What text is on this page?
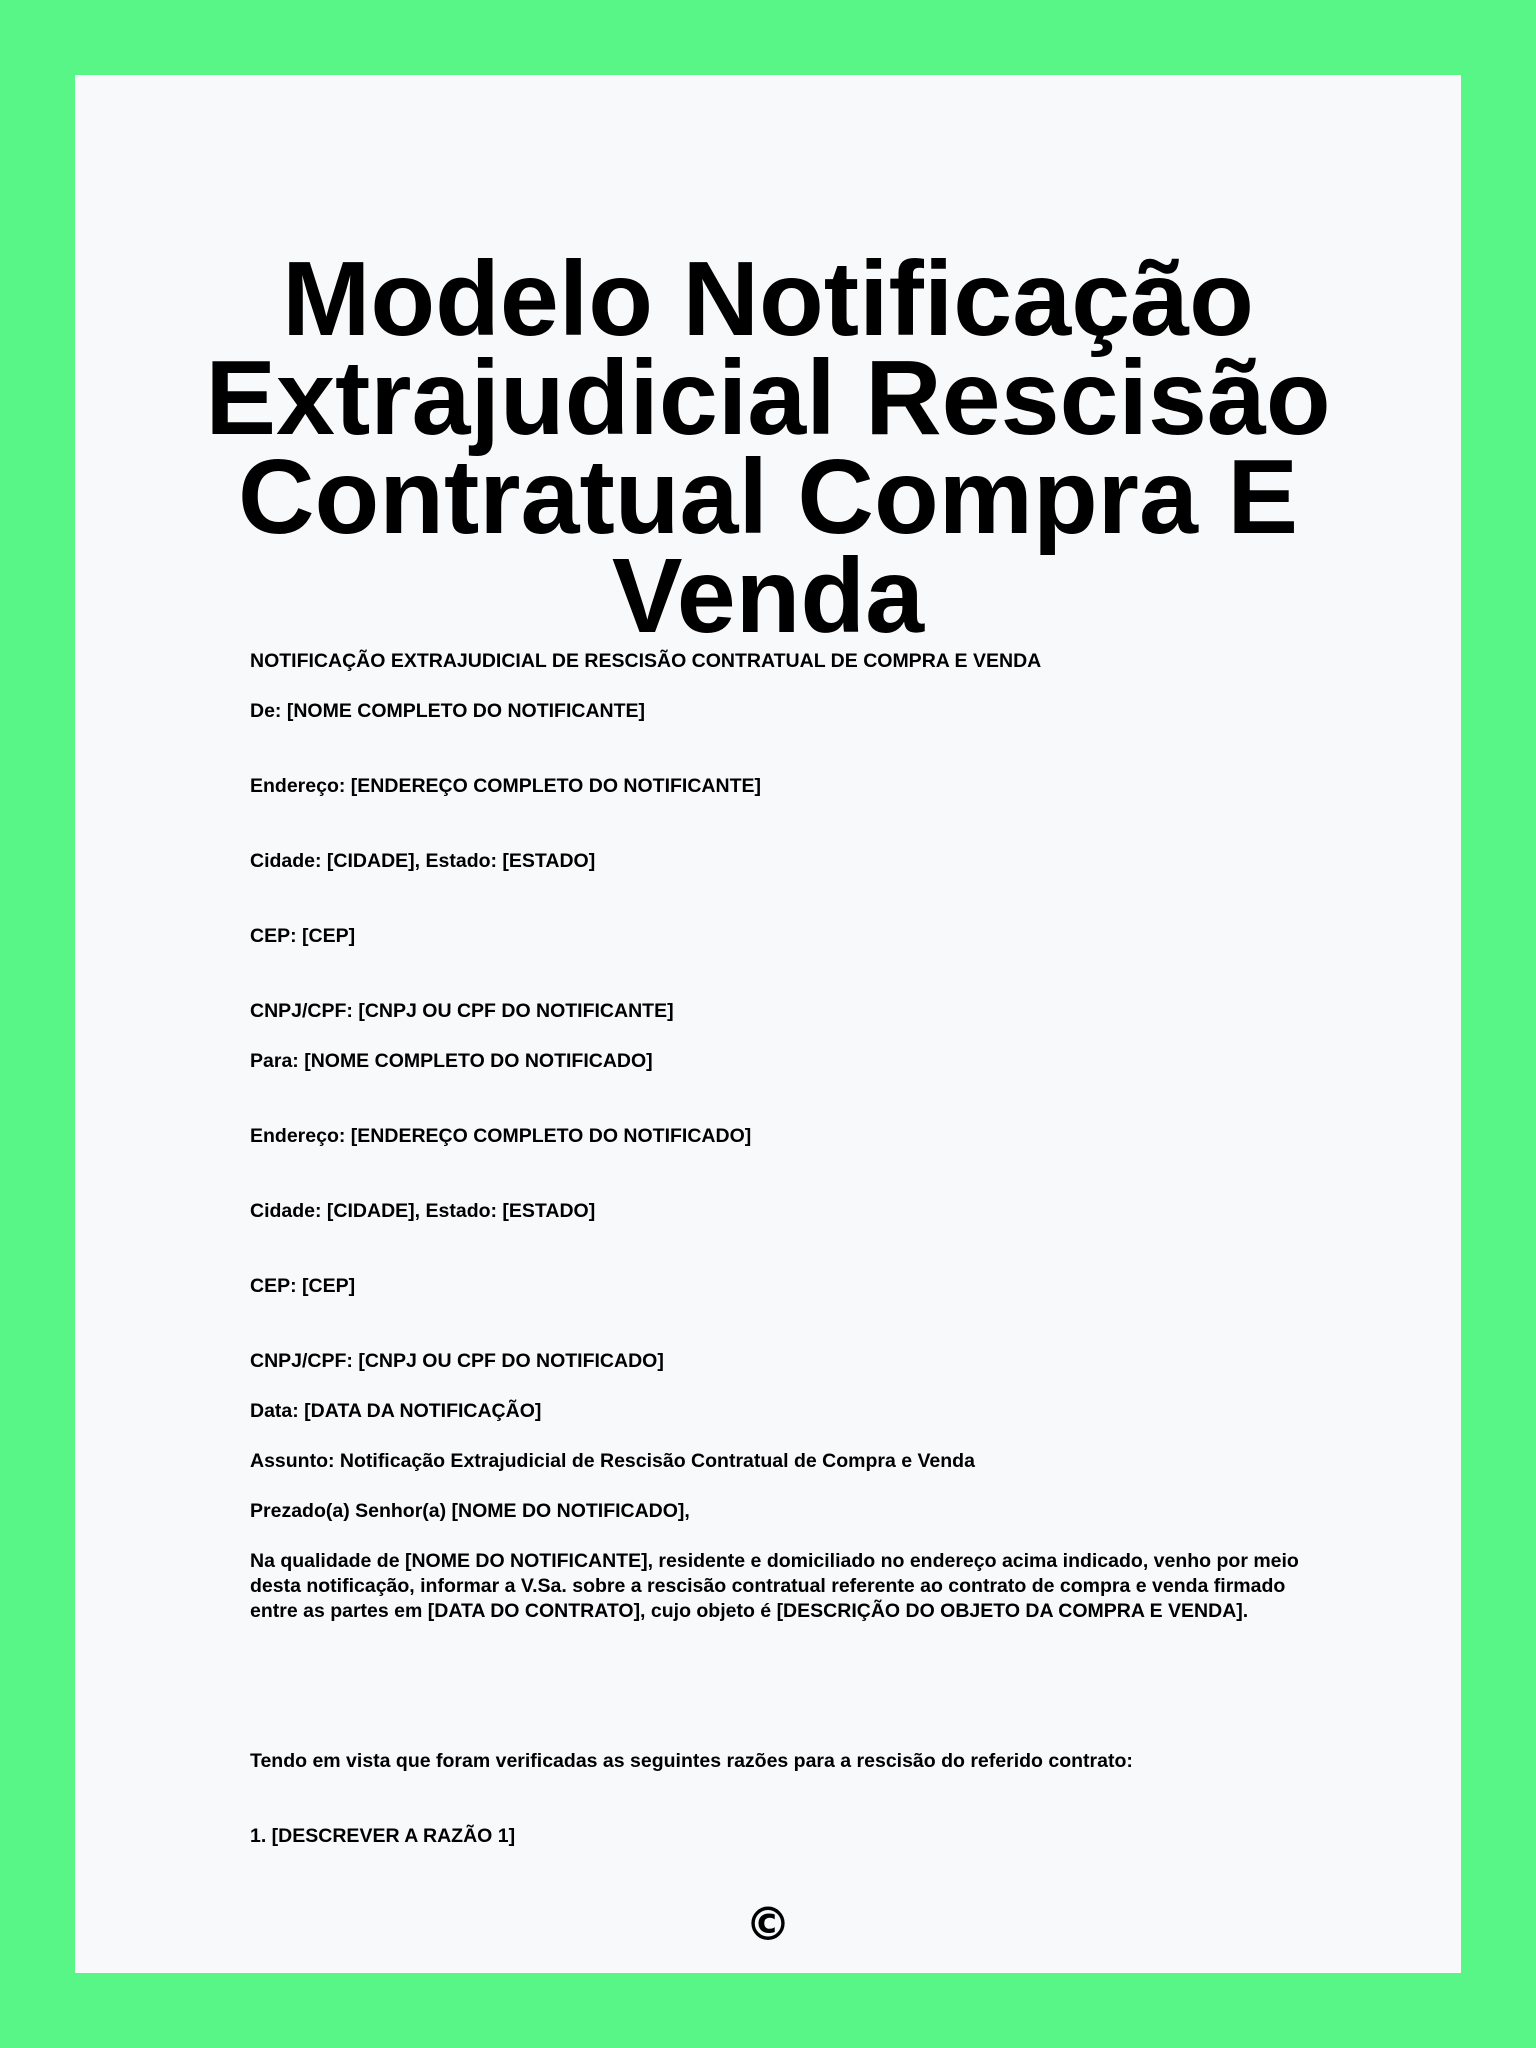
Modelo Notificação Extrajudicial Rescisão Contratual Compra E Venda
NOTIFICAÇÃO EXTRAJUDICIAL DE RESCISÃO CONTRATUAL DE COMPRA E VENDA
De: [NOME COMPLETO DO NOTIFICANTE]
Endereço: [ENDEREÇO COMPLETO DO NOTIFICANTE]
Cidade: [CIDADE], Estado: [ESTADO]
CEP: [CEP]
CNPJ/CPF: [CNPJ OU CPF DO NOTIFICANTE]
Para: [NOME COMPLETO DO NOTIFICADO]
Endereço: [ENDEREÇO COMPLETO DO NOTIFICADO]
Cidade: [CIDADE], Estado: [ESTADO]
CEP: [CEP]
CNPJ/CPF: [CNPJ OU CPF DO NOTIFICADO]
Data: [DATA DA NOTIFICAÇÃO]
Assunto: Notificação Extrajudicial de Rescisão Contratual de Compra e Venda
Prezado(a) Senhor(a) [NOME DO NOTIFICADO],
Na qualidade de [NOME DO NOTIFICANTE], residente e domiciliado no endereço acima indicado, venho por meio desta notificação, informar a V.Sa. sobre a rescisão contratual referente ao contrato de compra e venda firmado entre as partes em [DATA DO CONTRATO], cujo objeto é [DESCRIÇÃO DO OBJETO DA COMPRA E VENDA].
Tendo em vista que foram verificadas as seguintes razões para a rescisão do referido contrato:
1. [DESCREVER A RAZÃO 1]
©
